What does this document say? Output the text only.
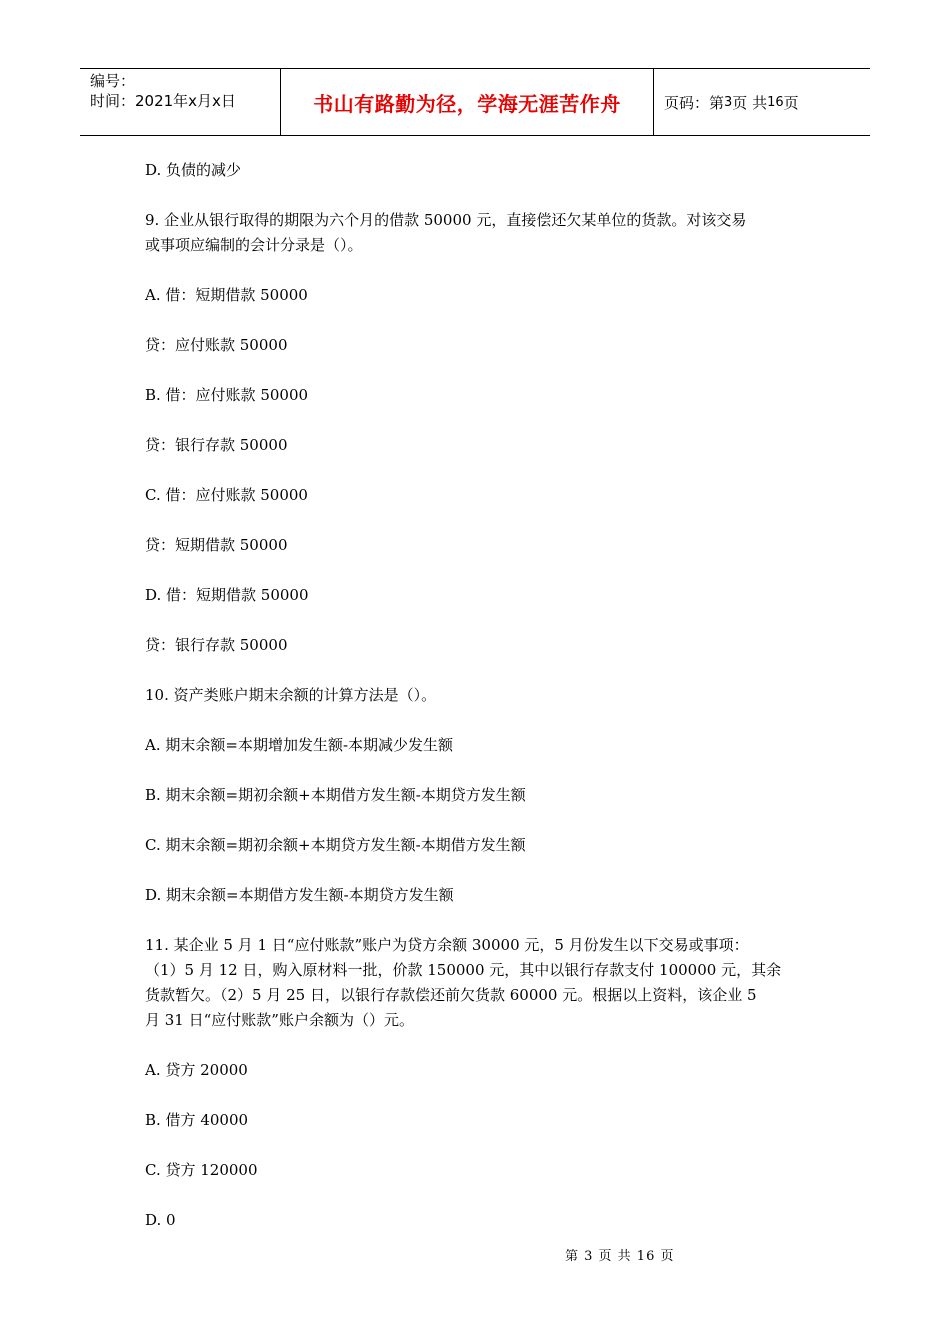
编号：
时间：2021年x月x日	书山有路勤为径，学海无涯苦作舟	页码：第 3 页 共 16 页
D. 负债的减少
9. 企业从银行取得的期限为六个月的借款 50000 元，直接偿还欠某单位的货款。对该交易
或事项应编制的会计分录是（）。
A. 借：短期借款 50000
贷：应付账款 50000
B. 借：应付账款 50000
贷：银行存款 50000
C. 借：应付账款 50000
贷：短期借款 50000
D. 借：短期借款 50000
贷：银行存款 50000
10. 资产类账户期末余额的计算方法是（）。
A. 期末余额=本期增加发生额-本期减少发生额
B. 期末余额=期初余额+本期借方发生额-本期贷方发生额
C. 期末余额=期初余额+本期贷方发生额-本期借方发生额
D. 期末余额=本期借方发生额-本期贷方发生额
11. 某企业 5 月 1 日“应付账款”账户为贷方余额 30000 元，5 月份发生以下交易或事项：
（1）5 月 12 日，购入原材料一批，价款 150000 元，其中以银行存款支付 100000 元，其余
货款暂欠。（2）5 月 25 日，以银行存款偿还前欠货款 60000 元。根据以上资料，该企业 5
月 31 日“应付账款”账户余额为（）元。
A. 贷方 20000
B. 借方 40000
C. 贷方 120000
D. 0
第 3 页 共 16 页
